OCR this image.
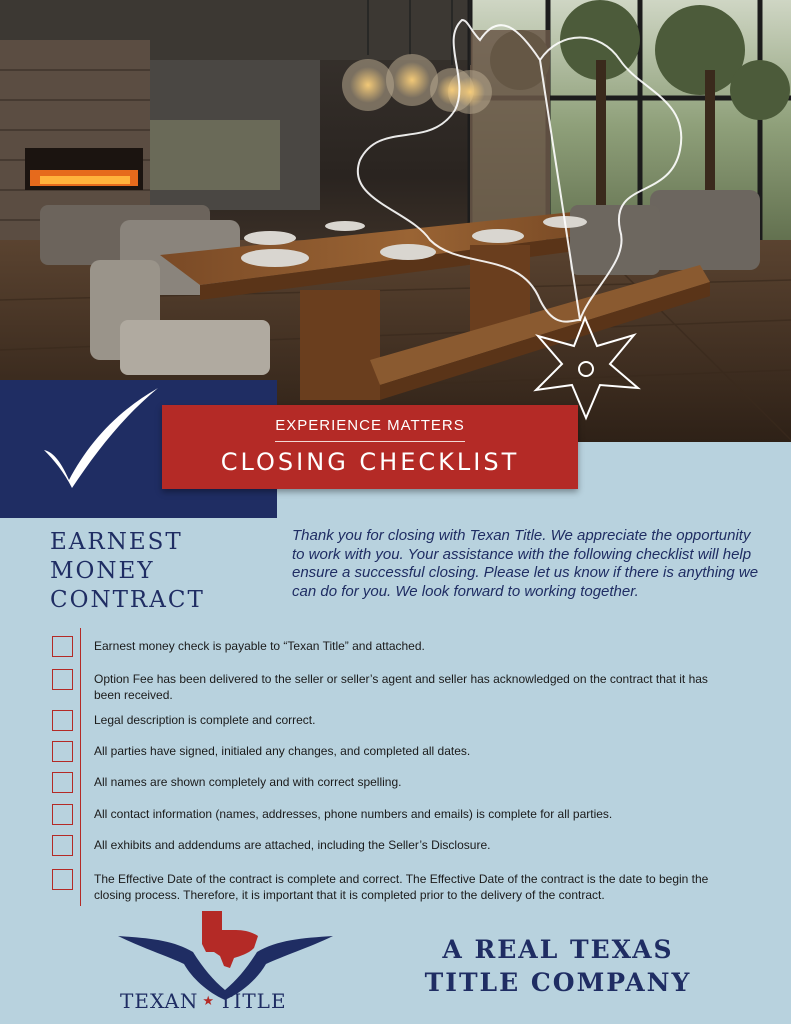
EXPERIENCE MATTERS
CLOSING CHECKLIST
EARNEST
MONEY
CONTRACT

Thank you for closing with Texan Title. We appreciate the opportunity to work with you. Your assistance with the following checklist will help ensure a successful closing. Please let us know if there is anything we can do for you. We look forward to working together.

Earnest money check is payable to “Texan Title” and attached.
Option Fee has been delivered to the seller or seller’s agent and seller has acknowledged on the contract that it has been received.
Legal description is complete and correct.
All parties have signed, initialed any changes, and completed all dates.
All names are shown completely and with correct spelling.
All contact information (names, addresses, phone numbers and emails) is complete for all parties.
All exhibits and addendums are attached, including the Seller’s Disclosure.
The Effective Date of the contract is complete and correct. The Effective Date of the contract is the date to begin the closing process. Therefore, it is important that it is completed prior to the delivery of the contract.
TEXAN ★ TITLE
A REAL TEXAS
TITLE COMPANY
